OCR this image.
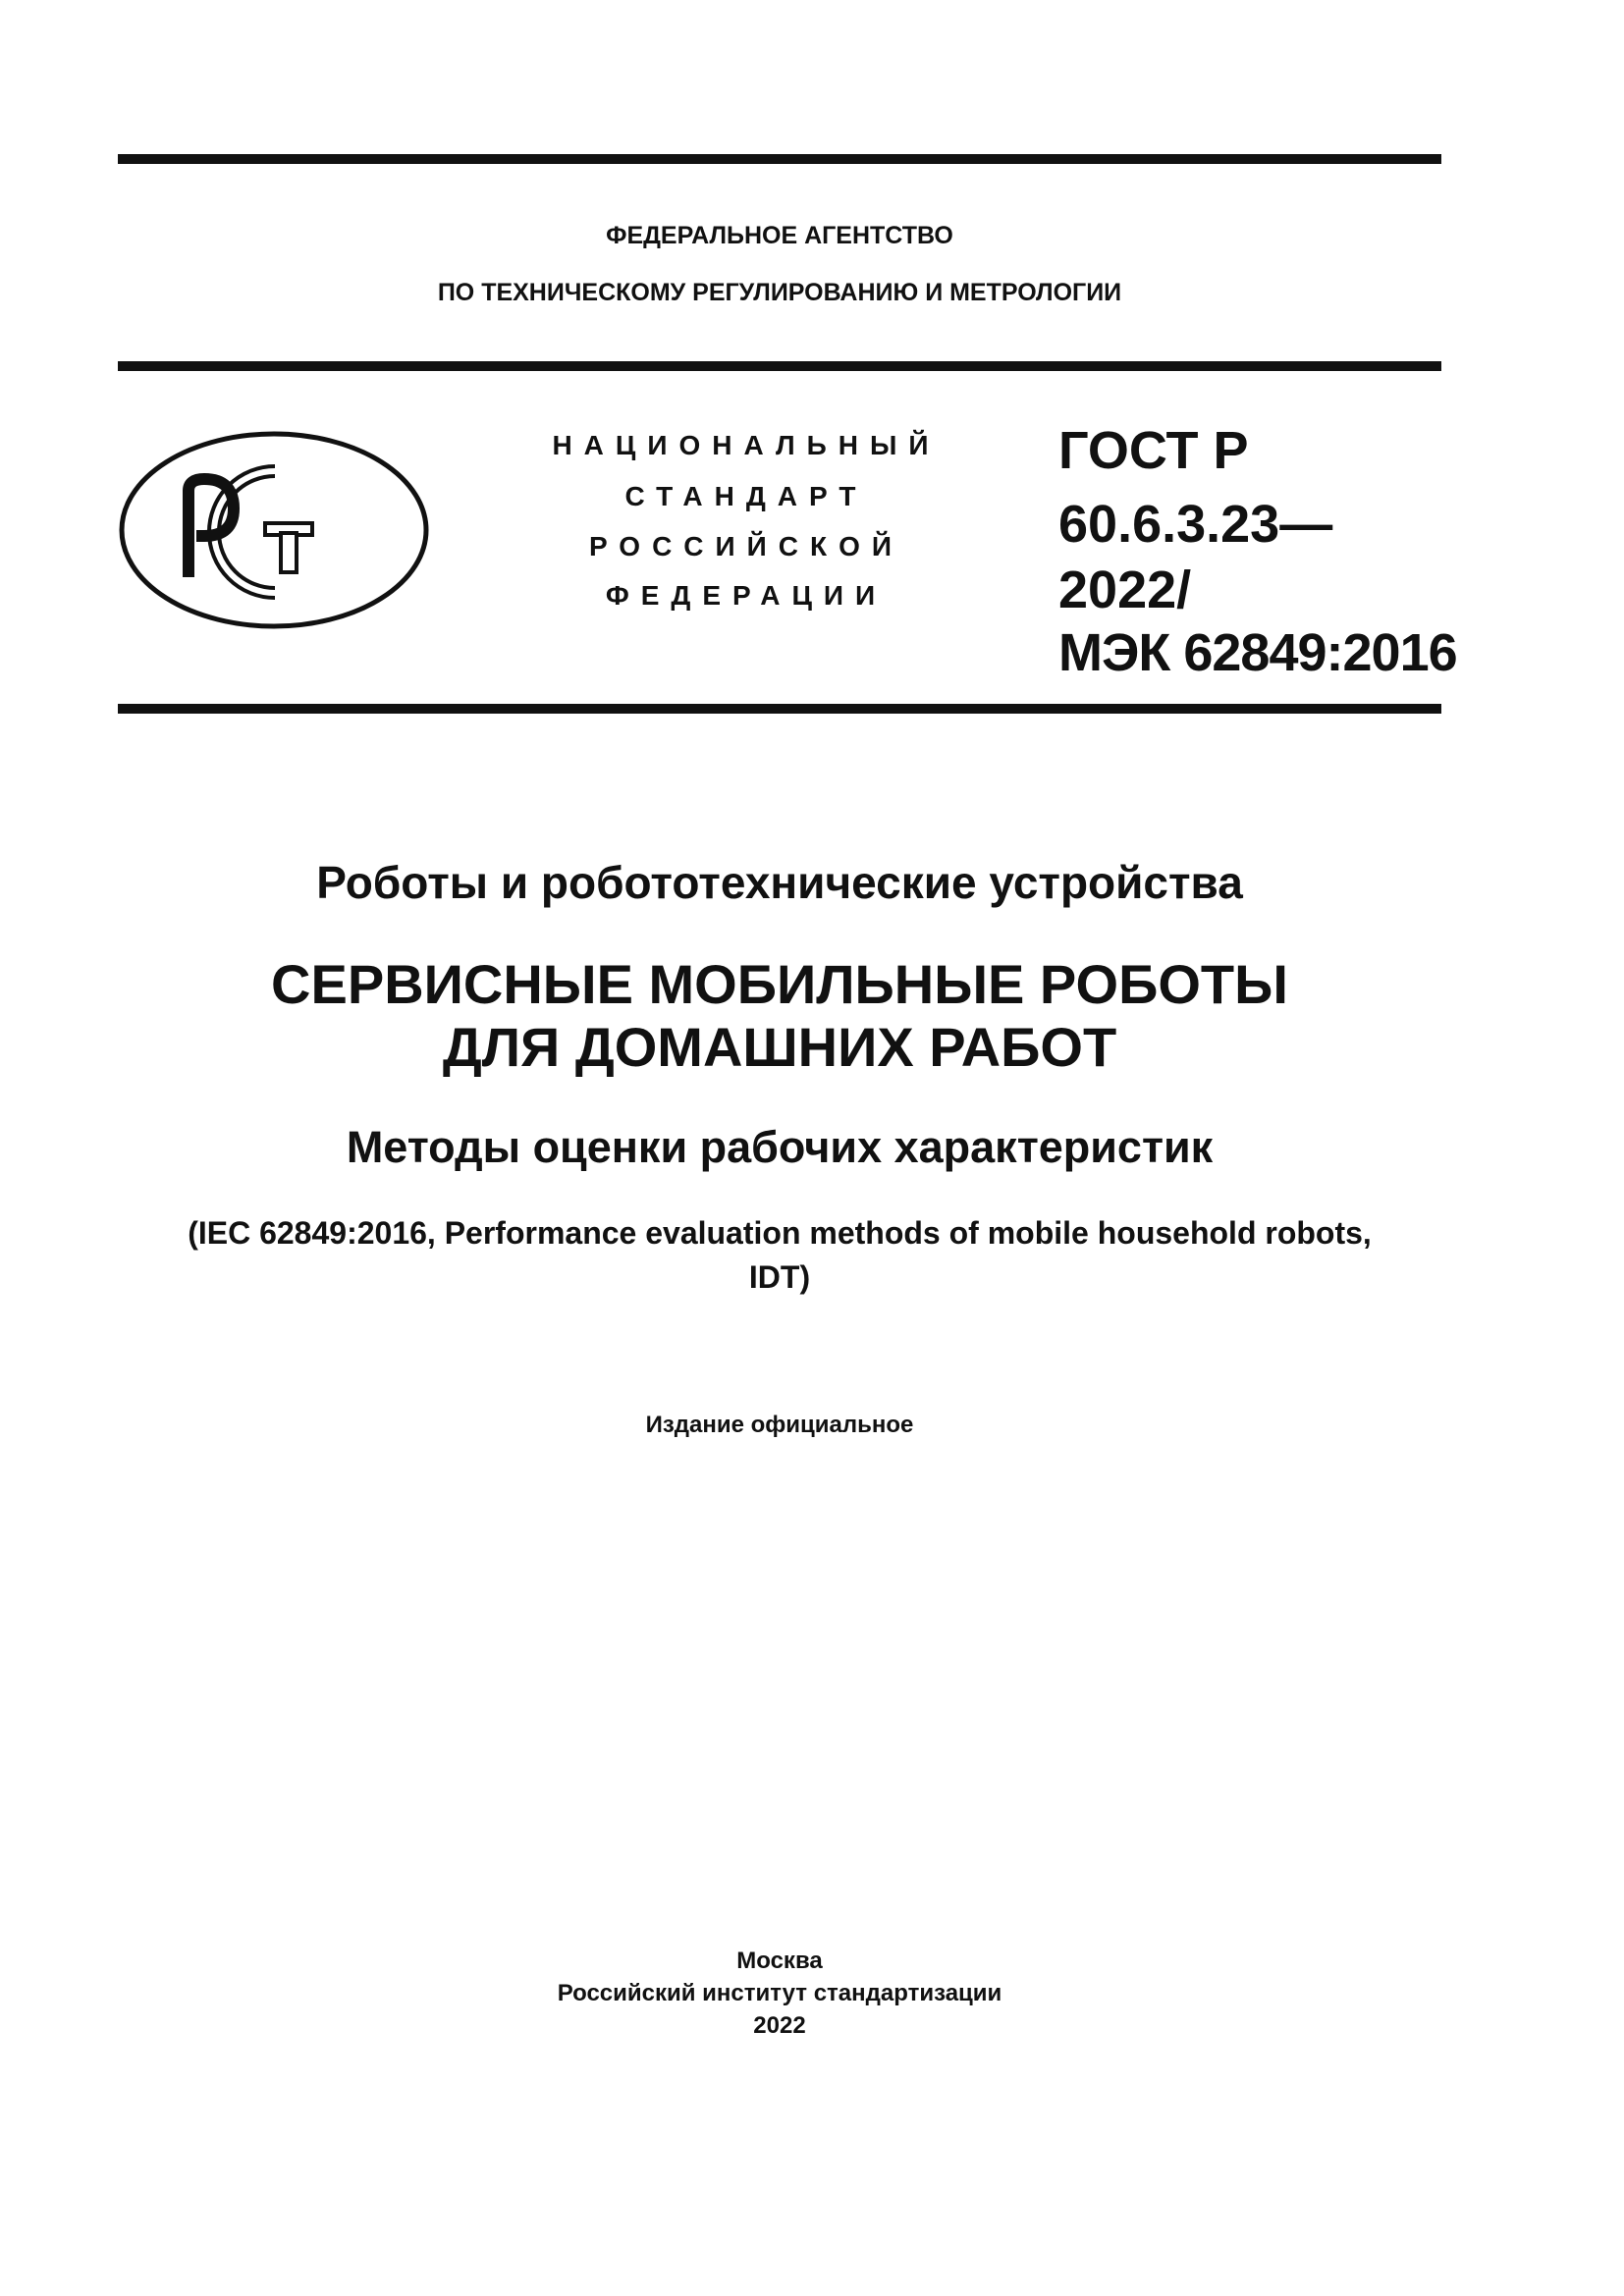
ФЕДЕРАЛЬНОЕ АГЕНТСТВО
ПО ТЕХНИЧЕСКОМУ РЕГУЛИРОВАНИЮ И МЕТРОЛОГИИ
НАЦИОНАЛЬНЫЙ
СТАНДАРТ
РОССИЙСКОЙ
ФЕДЕРАЦИИ
ГОСТ Р
60.6.3.23—
2022/
МЭК 62849:2016
Роботы и робототехнические устройства
СЕРВИСНЫЕ МОБИЛЬНЫЕ РОБОТЫ
ДЛЯ ДОМАШНИХ РАБОТ
Методы оценки рабочих характеристик
(IEC 62849:2016, Performance evaluation methods of mobile household robots,
IDT)
Издание официальное
Москва
Российский институт стандартизации
2022
